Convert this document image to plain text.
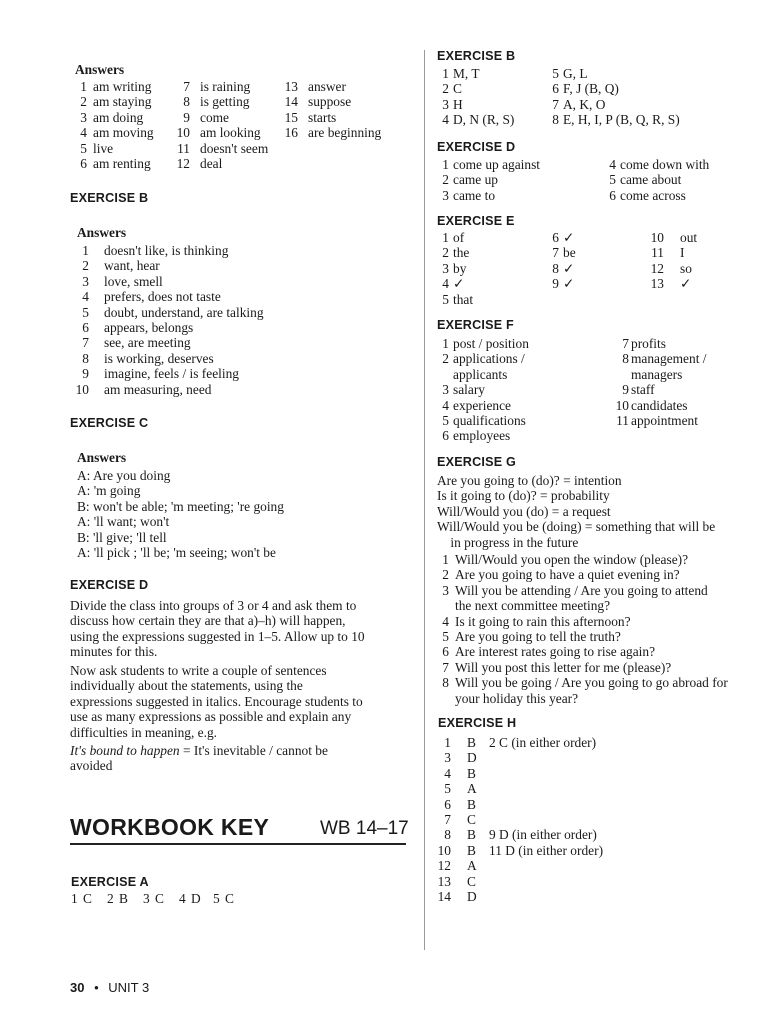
Answers
1 am writing
2 am staying
3 am doing
4 am moving
5 live
6 am renting
7 is raining
8 is getting
9 come
10 am looking
11 doesn't seem
12 deal
13 answer
14 suppose
15 starts
16 are beginning
EXERCISE B
Answers
1 doesn't like, is thinking
2 want, hear
3 love, smell
4 prefers, does not taste
5 doubt, understand, are talking
6 appears, belongs
7 see, are meeting
8 is working, deserves
9 imagine, feels / is feeling
10 am measuring, need
EXERCISE C
Answers
A: Are you doing
A: 'm going
B: won't be able; 'm meeting; 're going
A: 'll want; won't
B: 'll give; 'll tell
A: 'll pick ; 'll be; 'm seeing; won't be
EXERCISE D
Divide the class into groups of 3 or 4 and ask them to
discuss how certain they are that a)–h) will happen,
using the expressions suggested in 1–5. Allow up to 10
minutes for this.
Now ask students to write a couple of sentences
individually about the statements, using the
expressions suggested in italics. Encourage students to
use as many expressions as possible and explain any
difficulties in meaning, e.g.
It's bound to happen = It's inevitable / cannot be
avoided
WORKBOOK KEY	WB 14–17
EXERCISE A
1 C 2 B 3 C 4 D 5 C
EXERCISE B
1 M, T
2 C
3 H
4 D, N (R, S)
5 G, L
6 F, J (B, Q)
7 A, K, O
8 E, H, I, P (B, Q, R, S)
EXERCISE D
1 come up against
2 came up
3 came to
4 come down with
5 came about
6 come across
EXERCISE E
1 of
2 the
3 by
4 ✓
5 that
6 ✓
7 be
8 ✓
9 ✓
10 out
11 I
12 so
13 ✓
EXERCISE F
1 post / position
2 applications /
applicants
3 salary
4 experience
5 qualifications
6 employees
7 profits
8 management /
managers
9 staff
10 candidates
11 appointment
EXERCISE G
Are you going to (do)? = intention
Is it going to (do)? = probability
Will/Would you (do) = a request
Will/Would you be (doing) = something that will be
in progress in the future
1 Will/Would you open the window (please)?
2 Are you going to have a quiet evening in?
3 Will you be attending / Are you going to attend
the next committee meeting?
4 Is it going to rain this afternoon?
5 Are you going to tell the truth?
6 Are interest rates going to rise again?
7 Will you post this letter for me (please)?
8 Will you be going / Are you going to go abroad for
your holiday this year?
EXERCISE H
1 B 2 C (in either order)
3 D
4 B
5 A
6 B
7 C
8 B 9 D (in either order)
10 B 11 D (in either order)
12 A
13 C
14 D
30 • UNIT 3
